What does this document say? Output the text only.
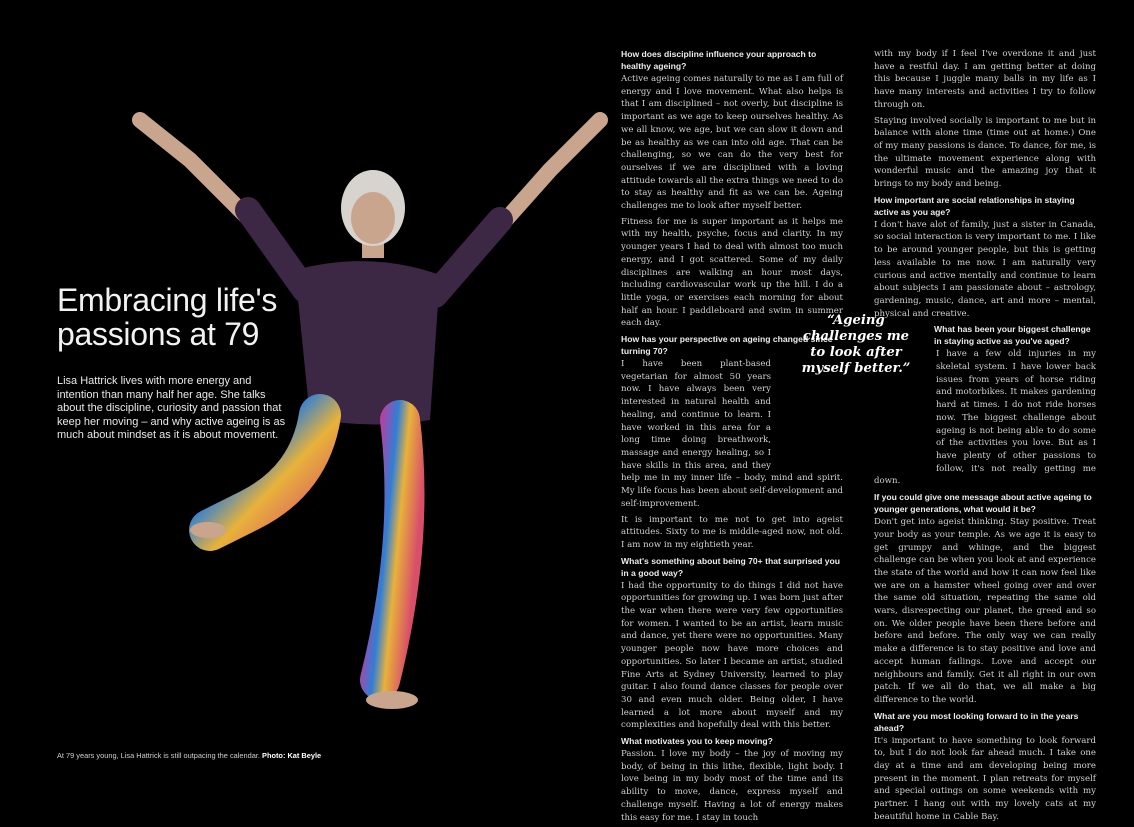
Embracing life's passions at 79

Lisa Hattrick lives with more energy and intention than many half her age. She talks about the discipline, curiosity and passion that keep her moving – and why active ageing is as much about mindset as it is about movement.

At 79 years young, Lisa Hattrick is still outpacing the calendar. Photo: Kat Beyle

How does discipline influence your approach to healthy ageing?

Active ageing comes naturally to me as I am full of energy and I love movement. What also helps is that I am disciplined – not overly, but discipline is important as we age to keep ourselves healthy. As we all know, we age, but we can slow it down and be as healthy as we can into old age. That can be challenging, so we can do the very best for ourselves if we are disciplined with a loving attitude towards all the extra things we need to do to stay as healthy and fit as we can be. Ageing challenges me to look after myself better.

Fitness for me is super important as it helps me with my health, psyche, focus and clarity. In my younger years I had to deal with almost too much energy, and I got scattered. Some of my daily disciplines are walking an hour most days, including cardiovascular work up the hill. I do a little yoga, or exercises each morning for about half an hour. I paddleboard and swim in summer each day.

How has your perspective on ageing changed since turning 70?

I have been plant-based vegetarian for almost 50 years now. I have always been very interested in natural health and healing, and continue to learn. I have worked in this area for a long time doing breathwork, massage and energy healing, so I have skills in this area, and they help me in my inner life – body, mind and spirit. My life focus has been about self-development and self-improvement.

It is important to me not to get into ageist attitudes. Sixty to me is middle-aged now, not old. I am now in my eightieth year.

What's something about being 70+ that surprised you in a good way?

I had the opportunity to do things I did not have opportunities for growing up. I was born just after the war when there were very few opportunities for women. I wanted to be an artist, learn music and dance, yet there were no opportunities. Many younger people now have more choices and opportunities. So later I became an artist, studied Fine Arts at Sydney University, learned to play guitar. I also found dance classes for people over 30 and even much older. Being older, I have learned a lot more about myself and my complexities and hopefully deal with this better.

What motivates you to keep moving?

Passion. I love my body – the joy of moving my body, of being in this lithe, flexible, light body. I love being in my body most of the time and its ability to move, dance, express myself and challenge myself. Having a lot of energy makes this easy for me. I stay in touch

“Ageing challenges me to look after myself better.”

with my body if I feel I've overdone it and just have a restful day. I am getting better at doing this because I juggle many balls in my life as I have many interests and activities I try to follow through on.

Staying involved socially is important to me but in balance with alone time (time out at home.) One of my many passions is dance. To dance, for me, is the ultimate movement experience along with wonderful music and the amazing joy that it brings to my body and being.

How important are social relationships in staying active as you age?

I don't have alot of family, just a sister in Canada, so social interaction is very important to me. I like to be around younger people, but this is getting less available to me now. I am naturally very curious and active mentally and continue to learn about subjects I am passionate about – astrology, gardening, music, dance, art and more – mental, physical and creative.

What has been your biggest challenge in staying active as you've aged?

I have a few old injuries in my skeletal system. I have lower back issues from years of horse riding and motorbikes. It makes gardening hard at times. I do not ride horses now. The biggest challenge about ageing is not being able to do some of the activities you love. But as I have plenty of other passions to follow, it's not really getting me down.

If you could give one message about active ageing to younger generations, what would it be?

Don't get into ageist thinking. Stay positive. Treat your body as your temple. As we age it is easy to get grumpy and whinge, and the biggest challenge can be when you look at and experience the state of the world and how it can now feel like we are on a hamster wheel going over and over the same old situation, repeating the same old wars, disrespecting our planet, the greed and so on. We older people have been there before and before and before. The only way we can really make a difference is to stay positive and love and accept human failings. Love and accept our neighbours and family. Get it all right in our own patch. If we all do that, we all make a big difference to the world.

What are you most looking forward to in the years ahead?

It's important to have something to look forward to, but I do not look far ahead much. I take one day at a time and am developing being more present in the moment. I plan retreats for myself and special outings on some weekends with my partner. I hang out with my lovely cats at my beautiful home in Cable Bay.
